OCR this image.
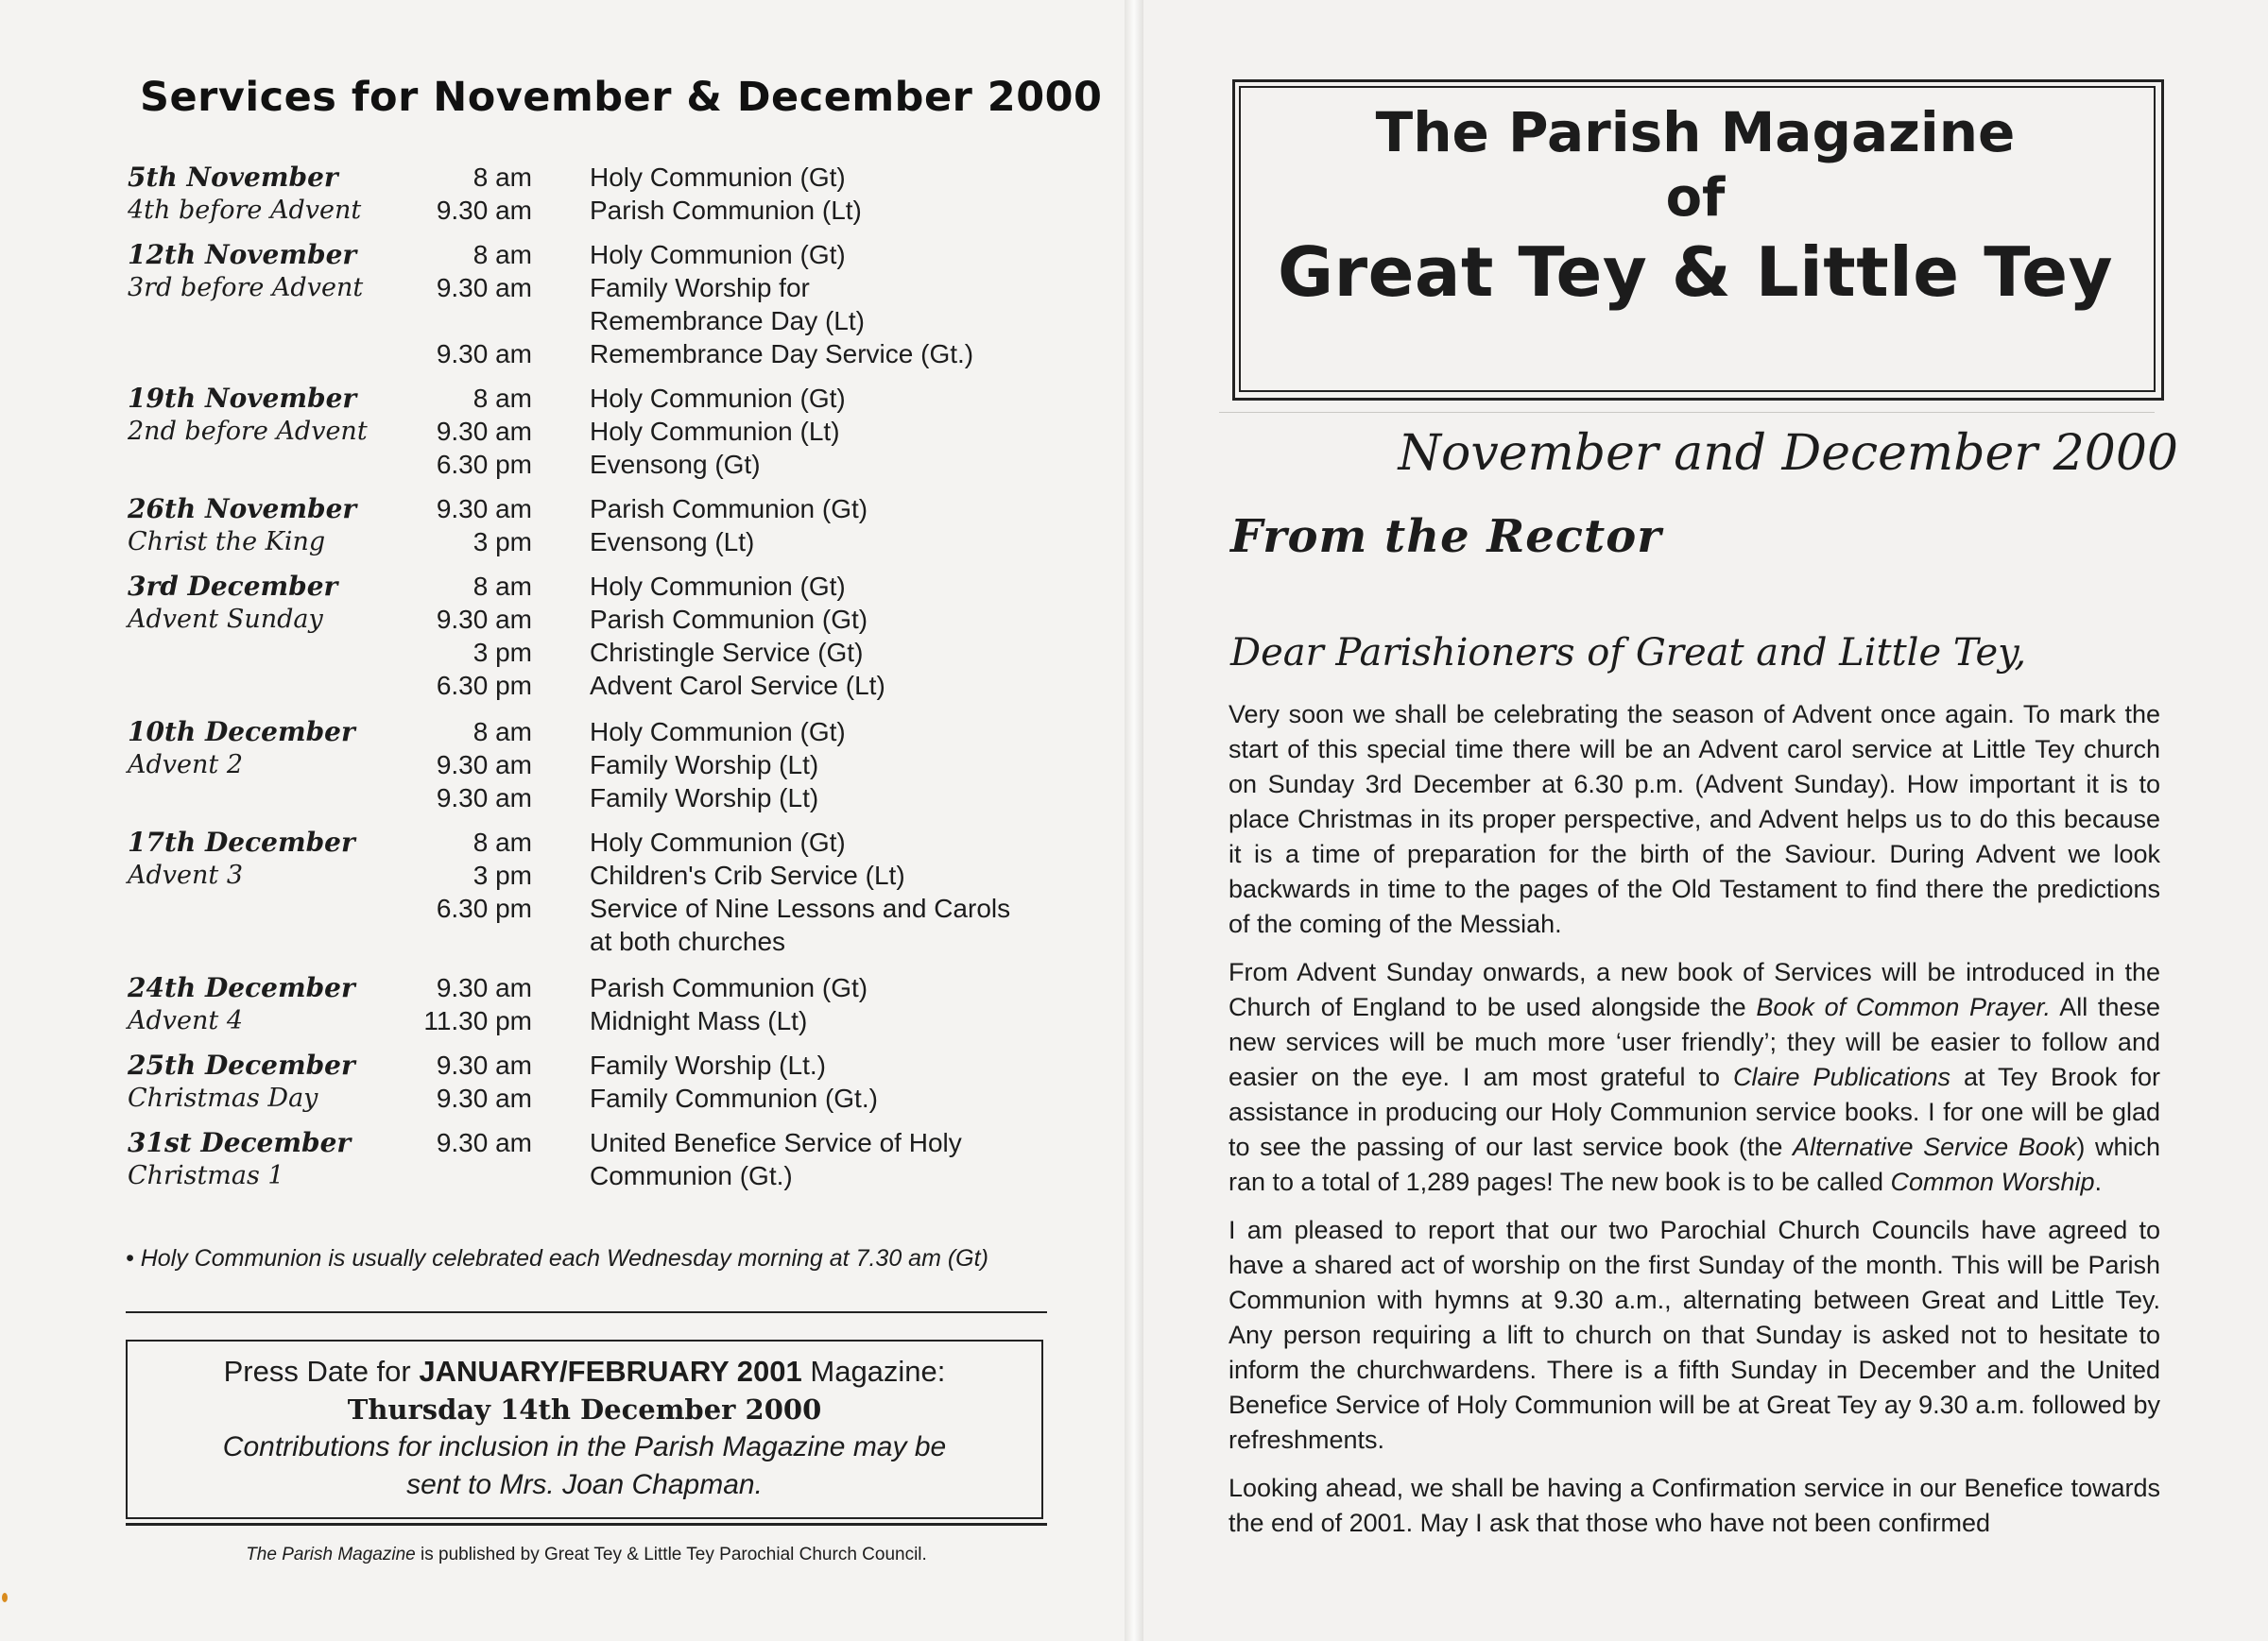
Services for November & December 2000
5th November	8 am Holy Communion (Gt)
4th before Advent	9.30 am Parish Communion (Lt)
12th November	8 am Holy Communion (Gt)
3rd before Advent	9.30 am Family Worship for
Remembrance Day (Lt)
9.30 am Remembrance Day Service (Gt.)
19th November	8 am Holy Communion (Gt)
2nd before Advent	9.30 am Holy Communion (Lt)
6.30 pm Evensong (Gt)
26th November	9.30 am Parish Communion (Gt)
Christ the King	3 pm Evensong (Lt)
3rd December	8 am Holy Communion (Gt)
Advent Sunday	9.30 am Parish Communion (Gt)
3 pm Christingle Service (Gt)
6.30 pm Advent Carol Service (Lt)
10th December	8 am Holy Communion (Gt)
Advent 2	9.30 am Family Worship (Lt)
9.30 am Family Worship (Lt)
17th December	8 am Holy Communion (Gt)
Advent 3	3 pm Children's Crib Service (Lt)
6.30 pm Service of Nine Lessons and Carols
at both churches
24th December	9.30 am Parish Communion (Gt)
Advent 4	11.30 pm Midnight Mass (Lt)
25th December	9.30 am Family Worship (Lt.)
Christmas Day	9.30 am Family Communion (Gt.)
31st December	9.30 am United Benefice Service of Holy
Christmas 1	Communion (Gt.)

• Holy Communion is usually celebrated each Wednesday morning at 7.30 am (Gt)

Press Date for JANUARY/FEBRUARY 2001 Magazine:
Thursday 14th December 2000
Contributions for inclusion in the Parish Magazine may be
sent to Mrs. Joan Chapman.

The Parish Magazine is published by Great Tey & Little Tey Parochial Church Council.

The Parish Magazine
of
Great Tey & Little Tey

November and December 2000

From the Rector

Dear Parishioners of Great and Little Tey,

Very soon we shall be celebrating the season of Advent once again. To mark the start of this special time there will be an Advent carol service at Little Tey church on Sunday 3rd December at 6.30 p.m. (Advent Sunday). How important it is to place Christmas in its proper perspective, and Advent helps us to do this because it is a time of preparation for the birth of the Saviour. During Advent we look backwards in time to the pages of the Old Testament to find there the predictions of the coming of the Messiah.

From Advent Sunday onwards, a new book of Services will be introduced in the Church of England to be used alongside the Book of Common Prayer. All these new services will be much more ‘user friendly’; they will be easier to follow and easier on the eye. I am most grateful to Claire Publications at Tey Brook for assistance in producing our Holy Communion service books. I for one will be glad to see the passing of our last service book (the Alternative Service Book) which ran to a total of 1,289 pages! The new book is to be called Common Worship.

I am pleased to report that our two Parochial Church Councils have agreed to have a shared act of worship on the first Sunday of the month. This will be Parish Communion with hymns at 9.30 a.m., alternating between Great and Little Tey. Any person requiring a lift to church on that Sunday is asked not to hesitate to inform the churchwardens. There is a fifth Sunday in December and the United Benefice Service of Holy Communion will be at Great Tey ay 9.30 a.m. followed by refreshments.

Looking ahead, we shall be having a Confirmation service in our Benefice towards the end of 2001. May I ask that those who have not been confirmed
